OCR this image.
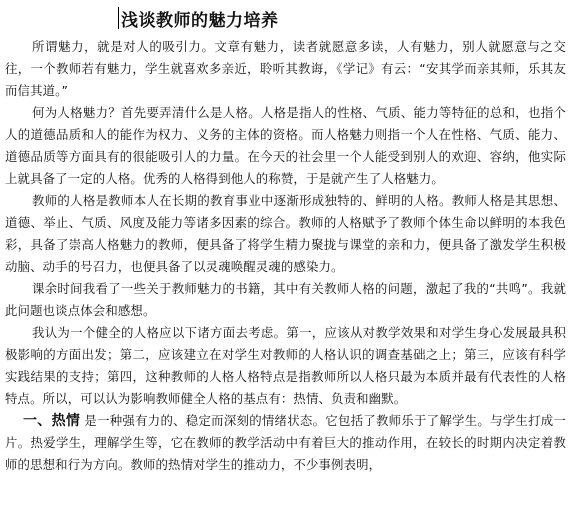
浅谈教师的魅力培养

所谓魅力，就是对人的吸引力。文章有魅力，读者就愿意多读，人有魅力，别人就愿意与之交往，一个教师若有魅力，学生就喜欢多亲近，聆听其教诲，《学记》有云：“安其学而亲其师，乐其友而信其道。”

何为人格魅力？首先要弄清什么是人格。人格是指人的性格、气质、能力等特征的总和，也指个人的道德品质和人的能作为权力、义务的主体的资格。而人格魅力则指一个人在性格、气质、能力、道德品质等方面具有的很能吸引人的力量。在今天的社会里一个人能受到别人的欢迎、容纳，他实际上就具备了一定的人格。优秀的人格得到他人的称赞，于是就产生了人格魅力。

教师的人格是教师本人在长期的教育事业中逐渐形成独特的、鲜明的人格。教师人格是其思想、道德、举止、气质、风度及能力等诸多因素的综合。教师的人格赋予了教师个体生命以鲜明的本我色彩，具备了崇高人格魅力的教师，便具备了将学生精力聚拢与课堂的亲和力，便具备了激发学生积极动脑、动手的号召力，也便具备了以灵魂唤醒灵魂的感染力。

课余时间我看了一些关于教师魅力的书籍，其中有关教师人格的问题，激起了我的“共鸣”。我就此问题也谈点体会和感想。

我认为一个健全的人格应以下诸方面去考虑。第一，应该从对教学效果和对学生身心发展最具积极影响的方面出发；第二，应该建立在对学生对教师的人格认识的调查基础之上；第三，应该有科学实践结果的支持；第四，这种教师的人格人格特点是指教师所以人格只最为本质并最有代表性的人格特点。所以，可以认为影响教师健全人格的基点有：热情、负责和幽默。

一、热情 是一种强有力的、稳定而深刻的情绪状态。它包括了教师乐于了解学生。与学生打成一片。热爱学生，理解学生等，它在教师的教学活动中有着巨大的推动作用，在较长的时期内决定着教师的思想和行为方向。教师的热情对学生的推动力，不少事例表明，
